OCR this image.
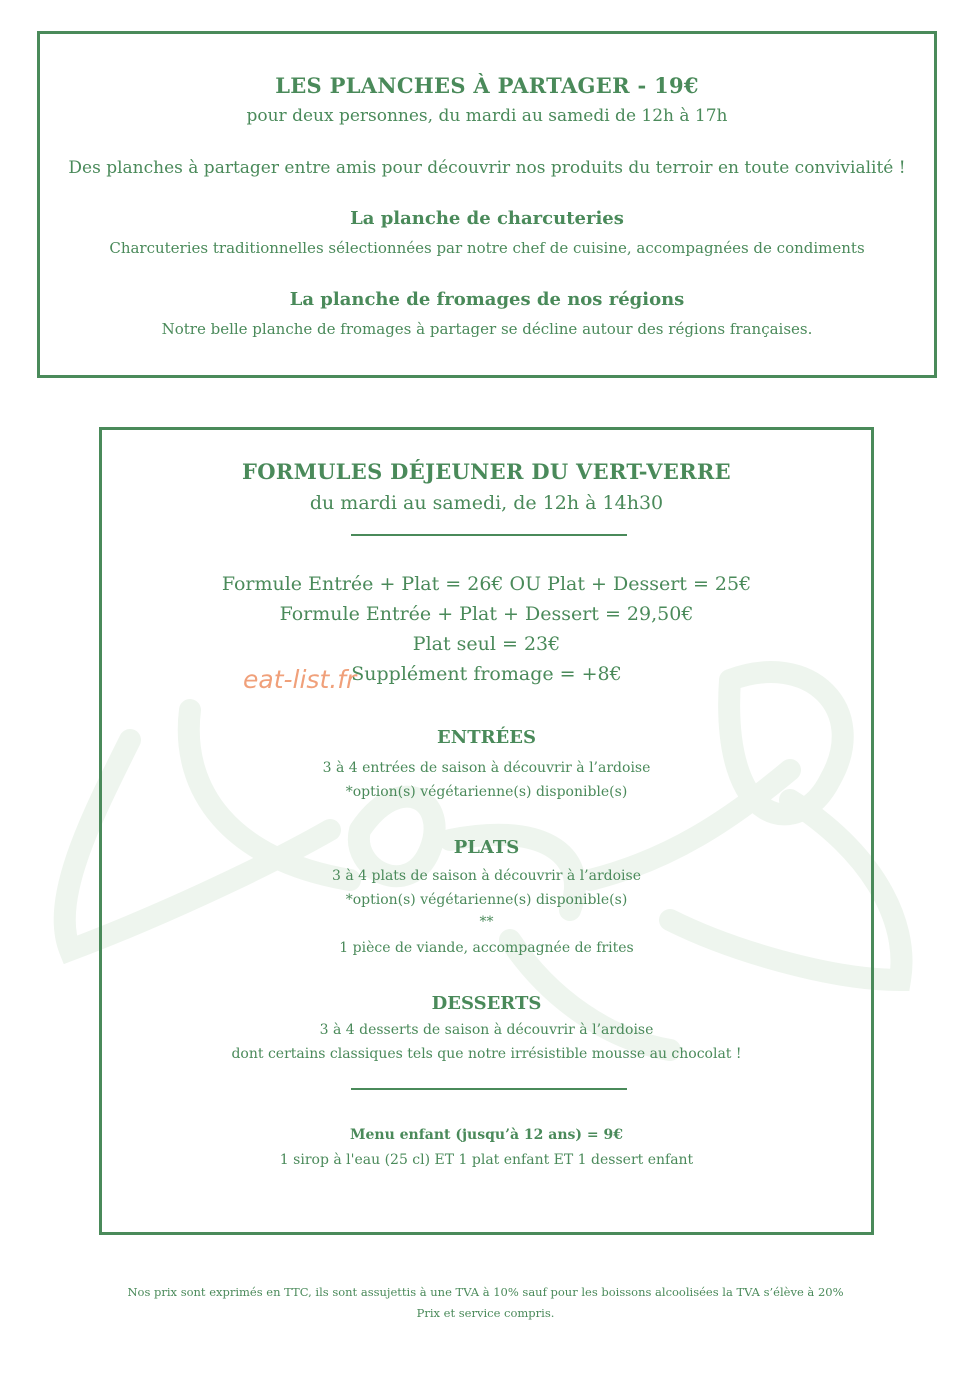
LES PLANCHES À PARTAGER - 19€
pour deux personnes, du mardi au samedi de 12h à 17h
Des planches à partager entre amis pour découvrir nos produits du terroir en toute convivialité !
La planche de charcuteries
Charcuteries traditionnelles sélectionnées par notre chef de cuisine, accompagnées de condiments
La planche de fromages de nos régions
Notre belle planche de fromages à partager se décline autour des régions françaises.
FORMULES DÉJEUNER DU VERT-VERRE
du mardi au samedi, de 12h à 14h30
Formule Entrée + Plat = 26€ OU Plat + Dessert = 25€
Formule Entrée + Plat + Dessert = 29,50€
Plat seul = 23€
Supplément fromage = +8€
ENTRÉES
3 à 4 entrées de saison à découvrir à l’ardoise
*option(s) végétarienne(s) disponible(s)
PLATS
3 à 4 plats de saison à découvrir à l’ardoise
*option(s) végétarienne(s) disponible(s)
**
1 pièce de viande, accompagnée de frites
DESSERTS
3 à 4 desserts de saison à découvrir à l’ardoise
dont certains classiques tels que notre irrésistible mousse au chocolat !
Menu enfant (jusqu’à 12 ans) = 9€
1 sirop à l'eau (25 cl) ET 1 plat enfant ET 1 dessert enfant
eat-list.fr
Nos prix sont exprimés en TTC, ils sont assujettis à une TVA à 10% sauf pour les boissons alcoolisées la TVA s’élève à 20%
Prix et service compris.
